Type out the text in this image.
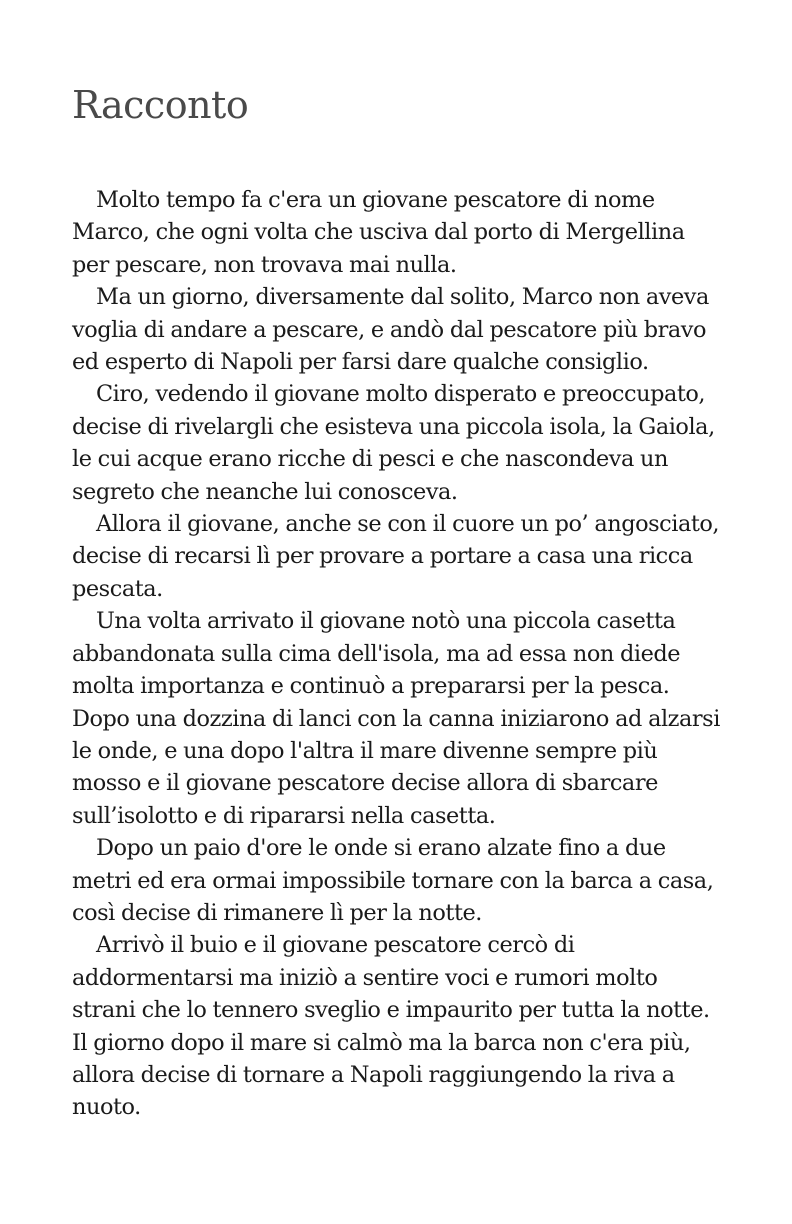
Racconto

Molto tempo fa c'era un giovane pescatore di nome Marco, che ogni volta che usciva dal porto di Mergellina per pescare, non trovava mai nulla.

Ma un giorno, diversamente dal solito, Marco non aveva voglia di andare a pescare, e andò dal pescatore più bravo ed esperto di Napoli per farsi dare qualche consiglio.

Ciro, vedendo il giovane molto disperato e preoccupato, decise di rivelargli che esisteva una piccola isola, la Gaiola, le cui acque erano ricche di pesci e che nascondeva un segreto che neanche lui conosceva.

Allora il giovane, anche se con il cuore un po’ angosciato, decise di recarsi lì per provare a portare a casa una ricca pescata.

Una volta arrivato il giovane notò una piccola casetta abbandonata sulla cima dell'isola, ma ad essa non diede molta importanza e continuò a prepararsi per la pesca. Dopo una dozzina di lanci con la canna iniziarono ad alzarsi le onde, e una dopo l'altra il mare divenne sempre più mosso e il giovane pescatore decise allora di sbarcare sull’isolotto e di ripararsi nella casetta.

Dopo un paio d'ore le onde si erano alzate fino a due metri ed era ormai impossibile tornare con la barca a casa, così decise di rimanere lì per la notte.

Arrivò il buio e il giovane pescatore cercò di addormentarsi ma iniziò a sentire voci e rumori molto strani che lo tennero sveglio e impaurito per tutta la notte. Il giorno dopo il mare si calmò ma la barca non c'era più, allora decise di tornare a Napoli raggiungendo la riva a nuoto.
